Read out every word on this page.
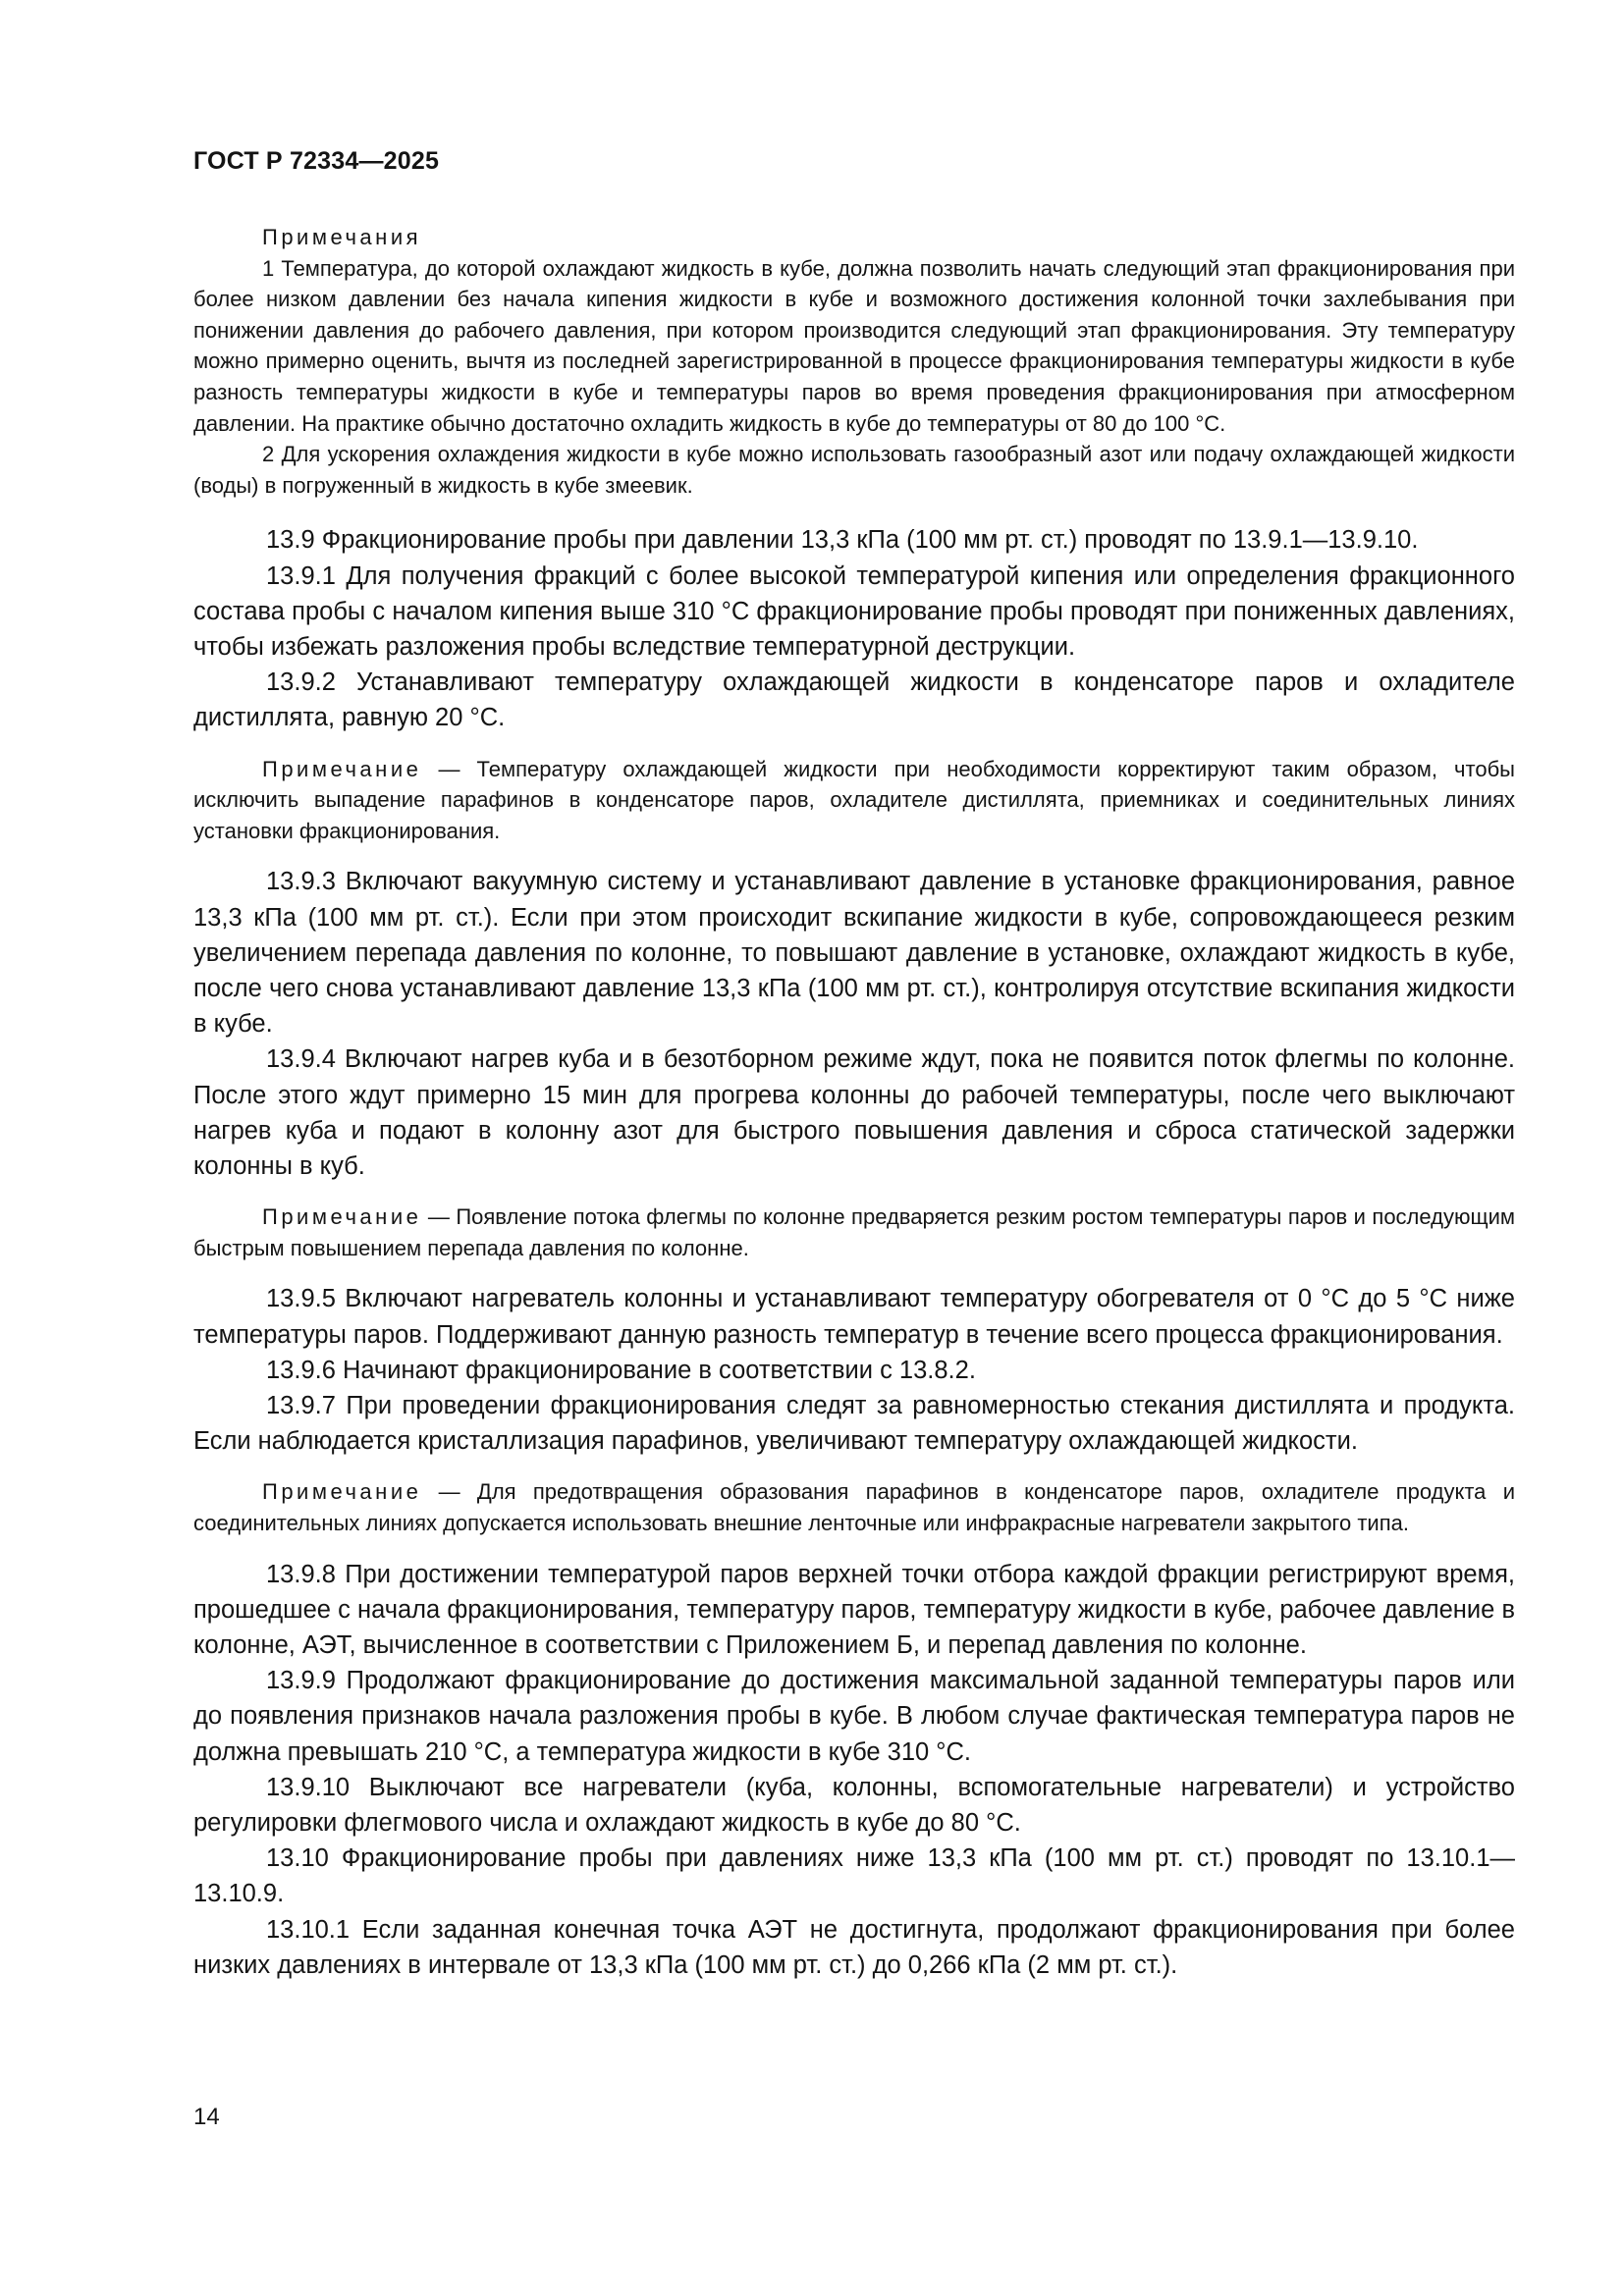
ГОСТ Р 72334—2025

Примечания

1 Температура, до которой охлаждают жидкость в кубе, должна позволить начать следующий этап фракционирования при более низком давлении без начала кипения жидкости в кубе и возможного достижения колонной точки захлебывания при понижении давления до рабочего давления, при котором производится следующий этап фракционирования. Эту температуру можно примерно оценить, вычтя из последней зарегистрированной в процессе фракционирования температуры жидкости в кубе разность температуры жидкости в кубе и температуры паров во время проведения фракционирования при атмосферном давлении. На практике обычно достаточно охладить жидкость в кубе до температуры от 80 до 100 °С.

2 Для ускорения охлаждения жидкости в кубе можно использовать газообразный азот или подачу охлаждающей жидкости (воды) в погруженный в жидкость в кубе змеевик.

13.9 Фракционирование пробы при давлении 13,3 кПа (100 мм рт. ст.) проводят по 13.9.1—13.9.10.

13.9.1 Для получения фракций с более высокой температурой кипения или определения фракционного состава пробы с началом кипения выше 310 °С фракционирование пробы проводят при пониженных давлениях, чтобы избежать разложения пробы вследствие температурной деструкции.

13.9.2 Устанавливают температуру охлаждающей жидкости в конденсаторе паров и охладителе дистиллята, равную 20 °С.

Примечание — Температуру охлаждающей жидкости при необходимости корректируют таким образом, чтобы исключить выпадение парафинов в конденсаторе паров, охладителе дистиллята, приемниках и соединительных линиях установки фракционирования.

13.9.3 Включают вакуумную систему и устанавливают давление в установке фракционирования, равное 13,3 кПа (100 мм рт. ст.). Если при этом происходит вскипание жидкости в кубе, сопровождающееся резким увеличением перепада давления по колонне, то повышают давление в установке, охлаждают жидкость в кубе, после чего снова устанавливают давление 13,3 кПа (100 мм рт. ст.), контролируя отсутствие вскипания жидкости в кубе.

13.9.4 Включают нагрев куба и в безотборном режиме ждут, пока не появится поток флегмы по колонне. После этого ждут примерно 15 мин для прогрева колонны до рабочей температуры, после чего выключают нагрев куба и подают в колонну азот для быстрого повышения давления и сброса статической задержки колонны в куб.

Примечание — Появление потока флегмы по колонне предваряется резким ростом температуры паров и последующим быстрым повышением перепада давления по колонне.

13.9.5 Включают нагреватель колонны и устанавливают температуру обогревателя от 0 °С до 5 °С ниже температуры паров. Поддерживают данную разность температур в течение всего процесса фракционирования.

13.9.6 Начинают фракционирование в соответствии с 13.8.2.

13.9.7 При проведении фракционирования следят за равномерностью стекания дистиллята и продукта. Если наблюдается кристаллизация парафинов, увеличивают температуру охлаждающей жидкости.

Примечание — Для предотвращения образования парафинов в конденсаторе паров, охладителе продукта и соединительных линиях допускается использовать внешние ленточные или инфракрасные нагреватели закрытого типа.

13.9.8 При достижении температурой паров верхней точки отбора каждой фракции регистрируют время, прошедшее с начала фракционирования, температуру паров, температуру жидкости в кубе, рабочее давление в колонне, АЭТ, вычисленное в соответствии с Приложением Б, и перепад давления по колонне.

13.9.9 Продолжают фракционирование до достижения максимальной заданной температуры паров или до появления признаков начала разложения пробы в кубе. В любом случае фактическая температура паров не должна превышать 210 °С, а температура жидкости в кубе 310 °С.

13.9.10 Выключают все нагреватели (куба, колонны, вспомогательные нагреватели) и устройство регулировки флегмового числа и охлаждают жидкость в кубе до 80 °С.

13.10 Фракционирование пробы при давлениях ниже 13,3 кПа (100 мм рт. ст.) проводят по 13.10.1—13.10.9.

13.10.1 Если заданная конечная точка АЭТ не достигнута, продолжают фракционирования при более низких давлениях в интервале от 13,3 кПа (100 мм рт. ст.) до 0,266 кПа (2 мм рт. ст.).

14
